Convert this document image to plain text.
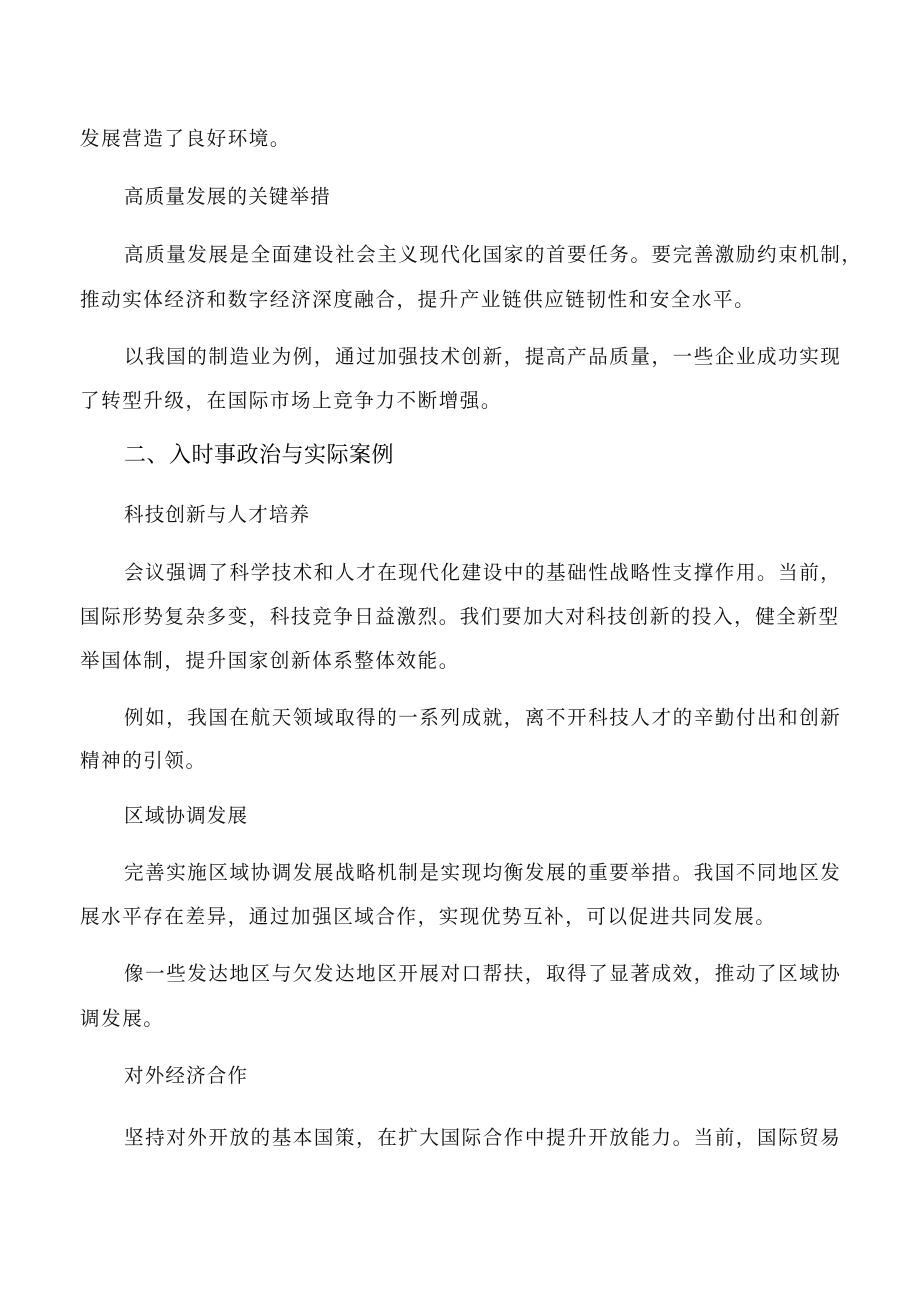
发展营造了良好环境。
高质量发展的关键举措
高质量发展是全面建设社会主义现代化国家的首要任务。要完善激励约束机制，
推动实体经济和数字经济深度融合，提升产业链供应链韧性和安全水平。
以我国的制造业为例，通过加强技术创新，提高产品质量，一些企业成功实现
了转型升级，在国际市场上竞争力不断增强。
二、入时事政治与实际案例
科技创新与人才培养
会议强调了科学技术和人才在现代化建设中的基础性战略性支撑作用。当前，
国际形势复杂多变，科技竞争日益激烈。我们要加大对科技创新的投入，健全新型
举国体制，提升国家创新体系整体效能。
例如，我国在航天领域取得的一系列成就，离不开科技人才的辛勤付出和创新
精神的引领。
区域协调发展
完善实施区域协调发展战略机制是实现均衡发展的重要举措。我国不同地区发
展水平存在差异，通过加强区域合作，实现优势互补，可以促进共同发展。
像一些发达地区与欠发达地区开展对口帮扶，取得了显著成效，推动了区域协
调发展。
对外经济合作
坚持对外开放的基本国策，在扩大国际合作中提升开放能力。当前，国际贸易
